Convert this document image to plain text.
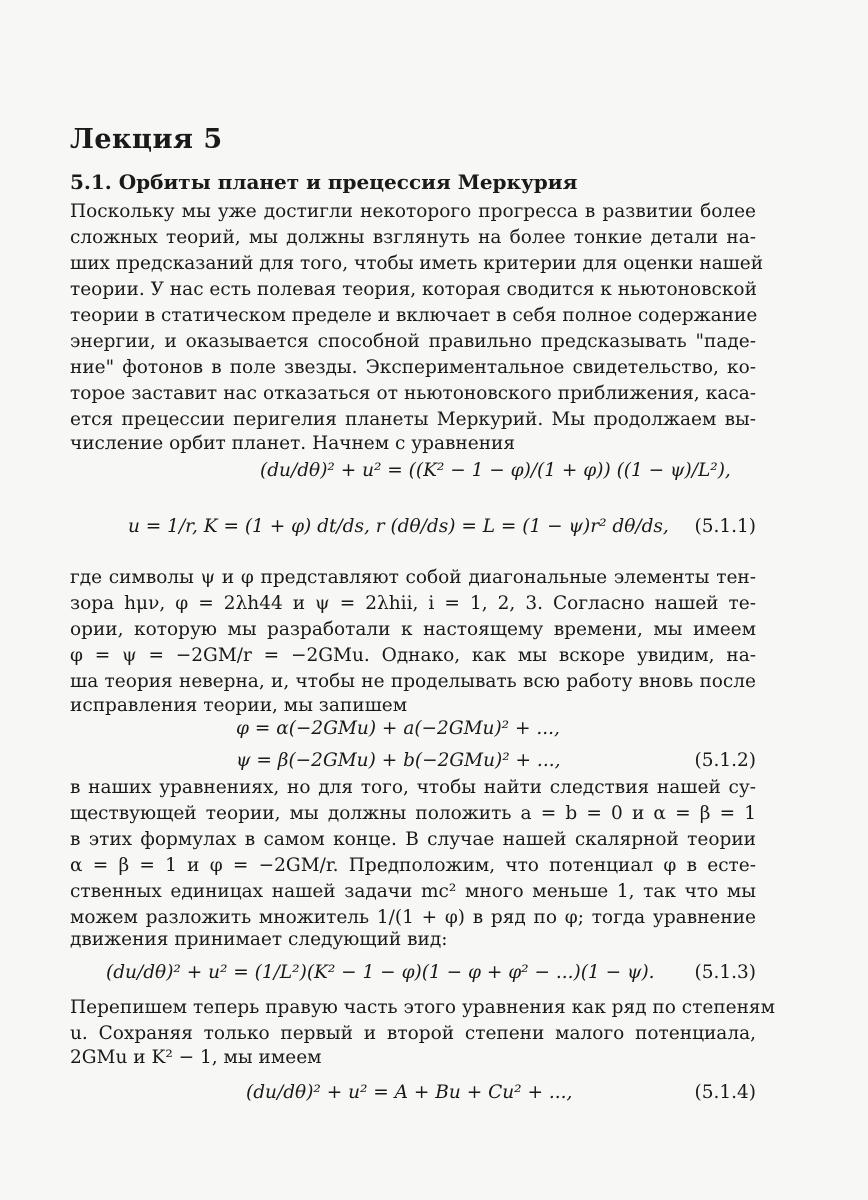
Лекция 5
5.1. Орбиты планет и прецессия Меркурия
Поскольку мы уже достигли некоторого прогресса в развитии более
сложных теорий, мы должны взглянуть на более тонкие детали на-
ших предсказаний для того, чтобы иметь критерии для оценки нашей
теории. У нас есть полевая теория, которая сводится к ньютоновской
теории в статическом пределе и включает в себя полное содержание
энергии, и оказывается способной правильно предсказывать "паде-
ние" фотонов в поле звезды. Экспериментальное свидетельство, ко-
торое заставит нас отказаться от ньютоновского приближения, каса-
ется прецессии перигелия планеты Меркурий. Мы продолжаем вы-
числение орбит планет. Начнем с уравнения
(du/dθ)² + u² = ((K² − 1 − φ)/(1 + φ)) ((1 − ψ)/L²),
u = 1/r, K = (1 + φ) dt/ds, r (dθ/ds) = L = (1 − ψ)r² dθ/ds, (5.1.1)
где символы ψ и φ представляют собой диагональные элементы тен-
зора hμν, φ = 2λh44 и ψ = 2λhii, i = 1, 2, 3. Согласно нашей те-
ории, которую мы разработали к настоящему времени, мы имеем
φ = ψ = −2GM/r = −2GMu. Однако, как мы вскоре увидим, на-
ша теория неверна, и, чтобы не проделывать всю работу вновь после
исправления теории, мы запишем
φ = α(−2GMu) + a(−2GMu)² + ...,
ψ = β(−2GMu) + b(−2GMu)² + ...,	(5.1.2)
в наших уравнениях, но для того, чтобы найти следствия нашей су-
ществующей теории, мы должны положить a = b = 0 и α = β = 1
в этих формулах в самом конце. В случае нашей скалярной теории
α = β = 1 и φ = −2GM/r. Предположим, что потенциал φ в есте-
ственных единицах нашей задачи mc² много меньше 1, так что мы
можем разложить множитель 1/(1 + φ) в ряд по φ; тогда уравнение
движения принимает следующий вид:
(du/dθ)² + u² = (1/L²)(K² − 1 − φ)(1 − φ + φ² − ...)(1 − ψ). (5.1.3)
Перепишем теперь правую часть этого уравнения как ряд по степеням
u. Сохраняя только первый и второй степени малого потенциала,
2GMu и K² − 1, мы имеем
(du/dθ)² + u² = A + Bu + Cu² + ...,	(5.1.4)
